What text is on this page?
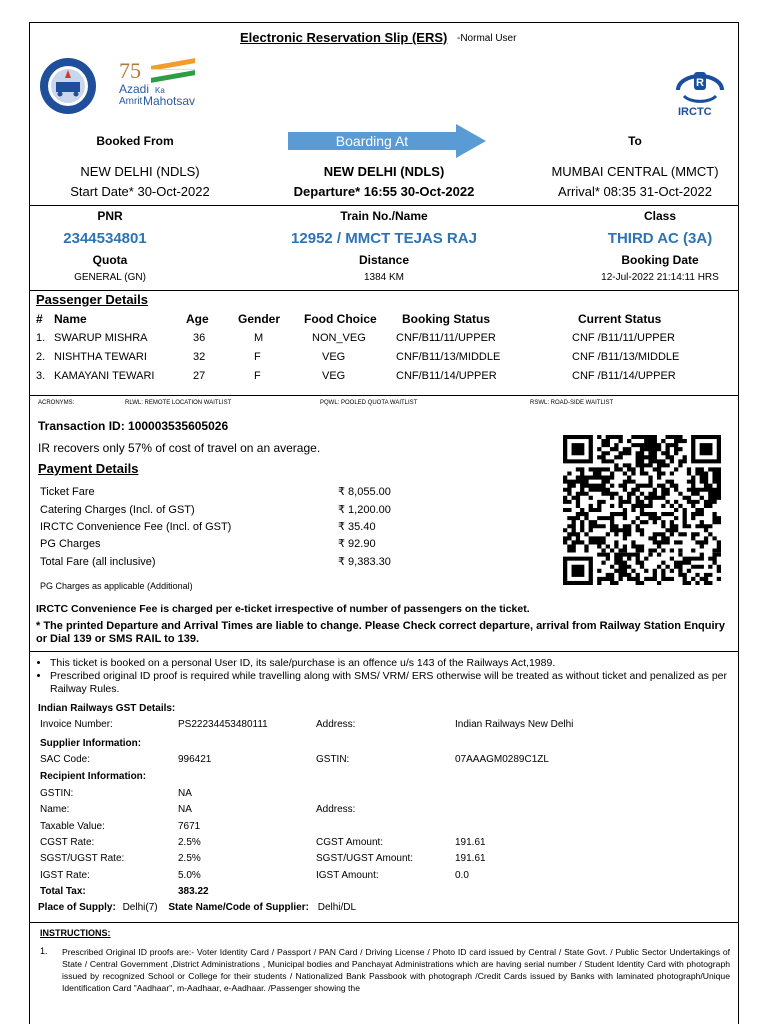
Electronic Reservation Slip (ERS) -Normal User
75
Azadi Ka
Amrit Mahotsav
R
IRCTC
Booked From	Boarding At	To
NEW DELHI (NDLS)
Start Date* 30-Oct-2022
NEW DELHI (NDLS)
Departure* 16:55 30-Oct-2022
MUMBAI CENTRAL (MMCT)
Arrival* 08:35 31-Oct-2022
PNR
2344534801
Train No./Name
12952 / MMCT TEJAS RAJ
Class
THIRD AC (3A)
Quota
GENERAL (GN)
Distance
1384 KM
Booking Date
12-Jul-2022 21:14:11 HRS
Passenger Details
# Name	Age Gender Food Choice Booking Status	Current Status
1. SWARUP MISHRA	36	M	NON_VEG	CNF/B11/11/UPPER	CNF /B11/11/UPPER
2. NISHTHA TEWARI	32	F	VEG	CNF/B11/13/MIDDLE	CNF /B11/13/MIDDLE
3. KAMAYANI TEWARI	27	F	VEG	CNF/B11/14/UPPER	CNF /B11/14/UPPER
ACRONYMS:	RLWL: REMOTE LOCATION WAITLIST	PQWL: POOLED QUOTA WAITLIST	RSWL: ROAD-SIDE WAITLIST
Transaction ID: 100003535605026
IR recovers only 57% of cost of travel on an average.
Payment Details
Ticket Fare	₹ 8,055.00
Catering Charges (Incl. of GST)	₹ 1,200.00
IRCTC Convenience Fee (Incl. of GST)	₹ 35.40
PG Charges	₹ 92.90
Total Fare (all inclusive)	₹ 9,383.30
PG Charges as applicable (Additional)
IRCTC Convenience Fee is charged per e-ticket irrespective of number of passengers on the ticket.
* The printed Departure and Arrival Times are liable to change. Please Check correct departure, arrival from Railway Station Enquiry or Dial 139 or SMS RAIL to 139.
• This ticket is booked on a personal User ID, its sale/purchase is an offence u/s 143 of the Railways Act,1989.
• Prescribed original ID proof is required while travelling along with SMS/ VRM/ ERS otherwise will be treated as without ticket and penalized as per Railway Rules.
Indian Railways GST Details:
Invoice Number:	PS22234453480111	Address:	Indian Railways New Delhi
Supplier Information:
SAC Code:	996421	GSTIN:	07AAAGM0289C1ZL
Recipient Information:
GSTIN:	NA
Name:	NA	Address:
Taxable Value:	7671
CGST Rate:	2.5%	CGST Amount:	191.61
SGST/UGST Rate:	2.5%	SGST/UGST Amount:	191.61
IGST Rate:	5.0%	IGST Amount:	0.0
Total Tax:	383.22
Place of Supply: Delhi(7) State Name/Code of Supplier: Delhi/DL
INSTRUCTIONS:
1. Prescribed Original ID proofs are:- Voter Identity Card / Passport / PAN Card / Driving License / Photo ID card issued by Central / State Govt. / Public Sector Undertakings of State / Central Government ,District Administrations , Municipal bodies and Panchayat Administrations which are having serial number / Student Identity Card with photograph issued by recognized School or College for their students / Nationalized Bank Passbook with photograph /Credit Cards issued by Banks with laminated photograph/Unique Identification Card "Aadhaar", m-Aadhaar, e-Aadhaar. /Passenger showing the
